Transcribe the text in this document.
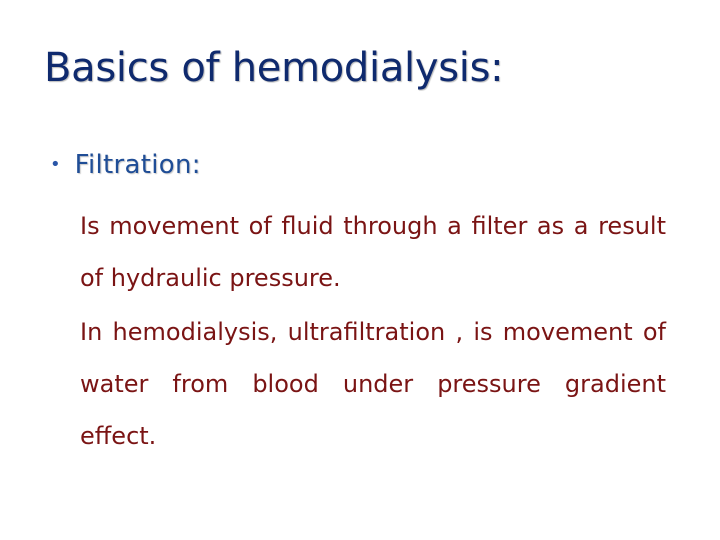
Basics of hemodialysis:
• Filtration:

Is movement of fluid through a filter as a result of hydraulic pressure.

In hemodialysis, ultrafiltration , is movement of water from blood under pressure gradient effect.
